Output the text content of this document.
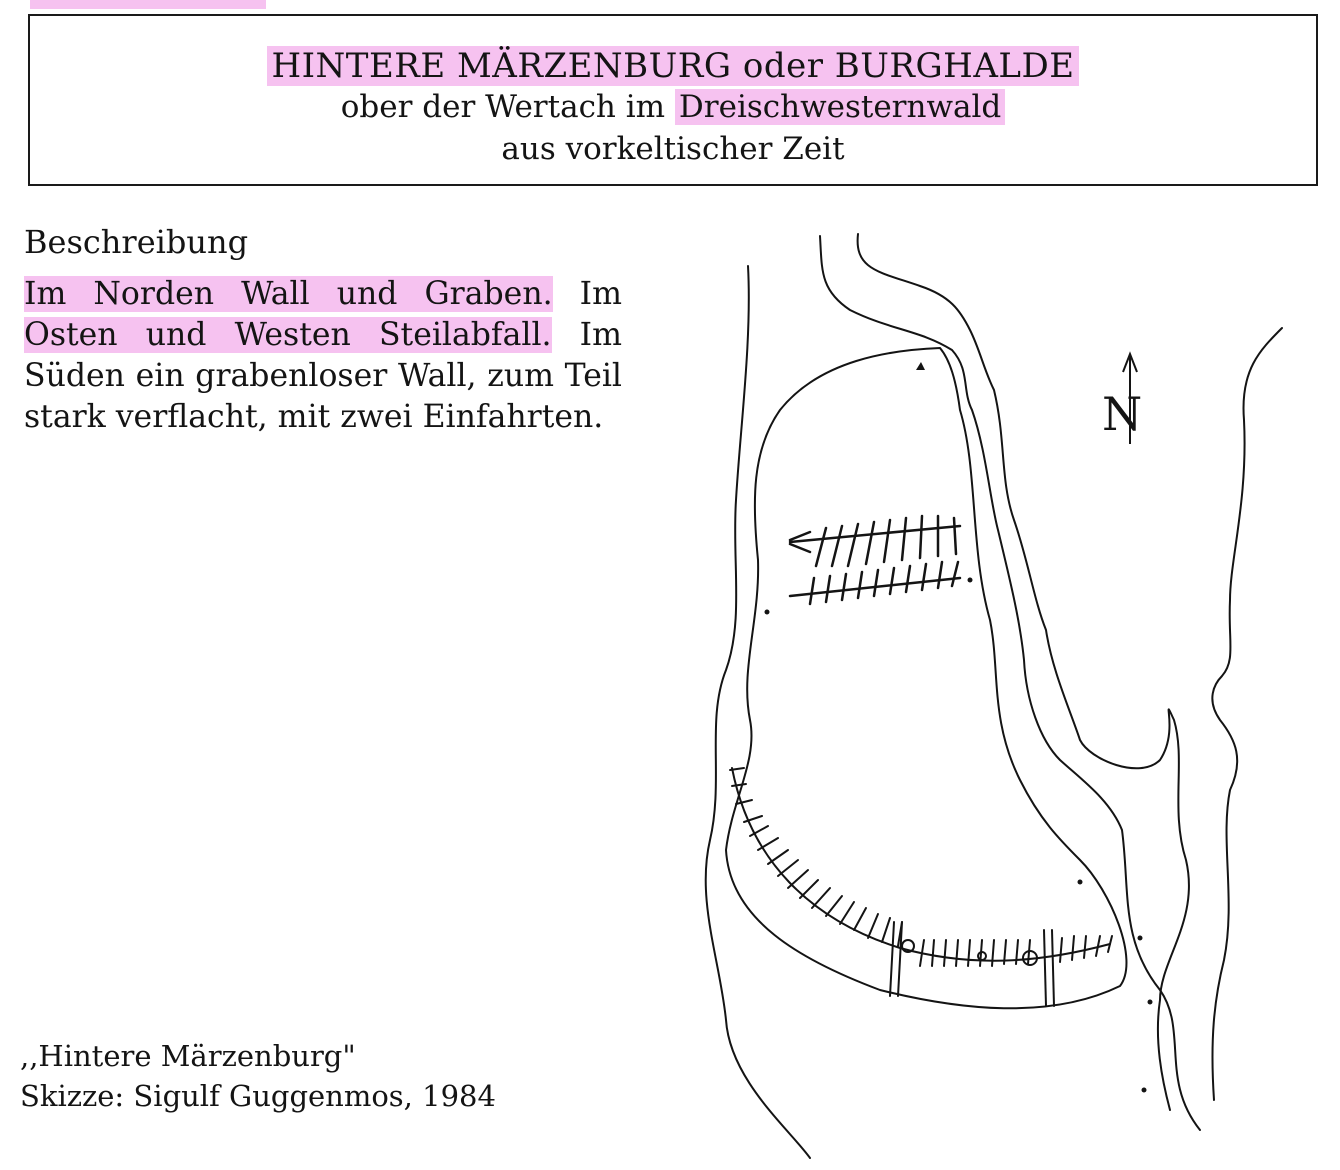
HINTERE MÄRZENBURG oder BURGHALDE
ober der Wertach im Dreischwesternwald
aus vorkeltischer Zeit
Beschreibung
Im Norden Wall und Graben. Im Osten und Westen Steilabfall. Im Süden ein grabenloser Wall, zum Teil stark verflacht, mit zwei Einfahrten.
,,Hintere Märzenburg"
Skizze: Sigulf Guggenmos, 1984
N
